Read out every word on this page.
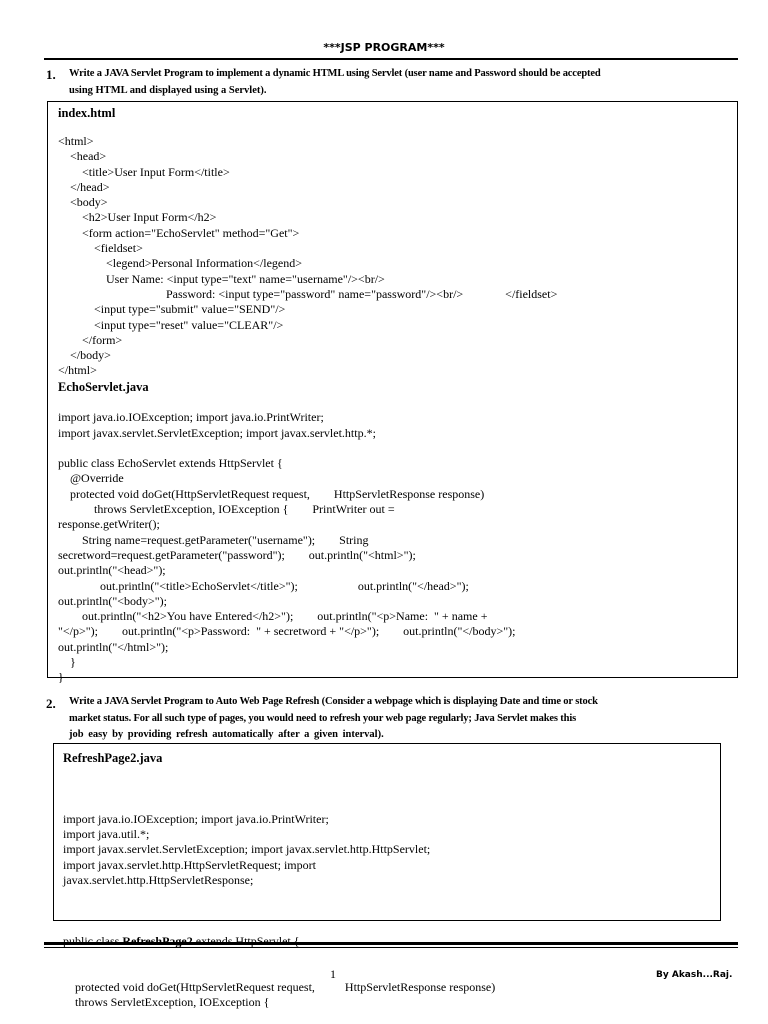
***JSP PROGRAM***
1. Write a JAVA Servlet Program to implement a dynamic HTML using Servlet (user name and Password should be accepted
using HTML and displayed using a Servlet).
index.html
<html>
<head>
<title>User Input Form</title>
</head>
<body>
<h2>User Input Form</h2>
<form action="EchoServlet" method="Get">
<fieldset>
<legend>Personal Information</legend>
User Name: <input type="text" name="username"/><br/>
Password: <input type="password" name="password"/><br/>              </fieldset>
<input type="submit" value="SEND"/>
<input type="reset" value="CLEAR"/>
</form>
</body>
</html>
EchoServlet.java

import java.io.IOException; import java.io.PrintWriter;
import javax.servlet.ServletException; import javax.servlet.http.*;

public class EchoServlet extends HttpServlet {
@Override
protected void doGet(HttpServletRequest request,        HttpServletResponse response)
throws ServletException, IOException {        PrintWriter out =
response.getWriter();
String name=request.getParameter("username");        String
secretword=request.getParameter("password");        out.println("<html>");
out.println("<head>");
out.println("<title>EchoServlet</title>");                    out.println("</head>");
out.println("<body>");
out.println("<h2>You have Entered</h2>");        out.println("<p>Name:  " + name +
"</p>");        out.println("<p>Password:  " + secretword + "</p>");        out.println("</body>");
out.println("</html>");
}
}
2. Write a JAVA Servlet Program to Auto Web Page Refresh (Consider a webpage which is displaying Date and time or stock
market status. For all such type of pages, you would need to refresh your web page regularly; Java Servlet makes this
job easy by providing refresh automatically after a given interval).
RefreshPage2.java

import java.io.IOException; import java.io.PrintWriter;
import java.util.*;
import javax.servlet.ServletException; import javax.servlet.http.HttpServlet;
import javax.servlet.http.HttpServletRequest; import
javax.servlet.http.HttpServletResponse;

protected void doGet(HttpServletRequest request,          HttpServletResponse response)
throws ServletException, IOException {

1	By Akash...Raj.
